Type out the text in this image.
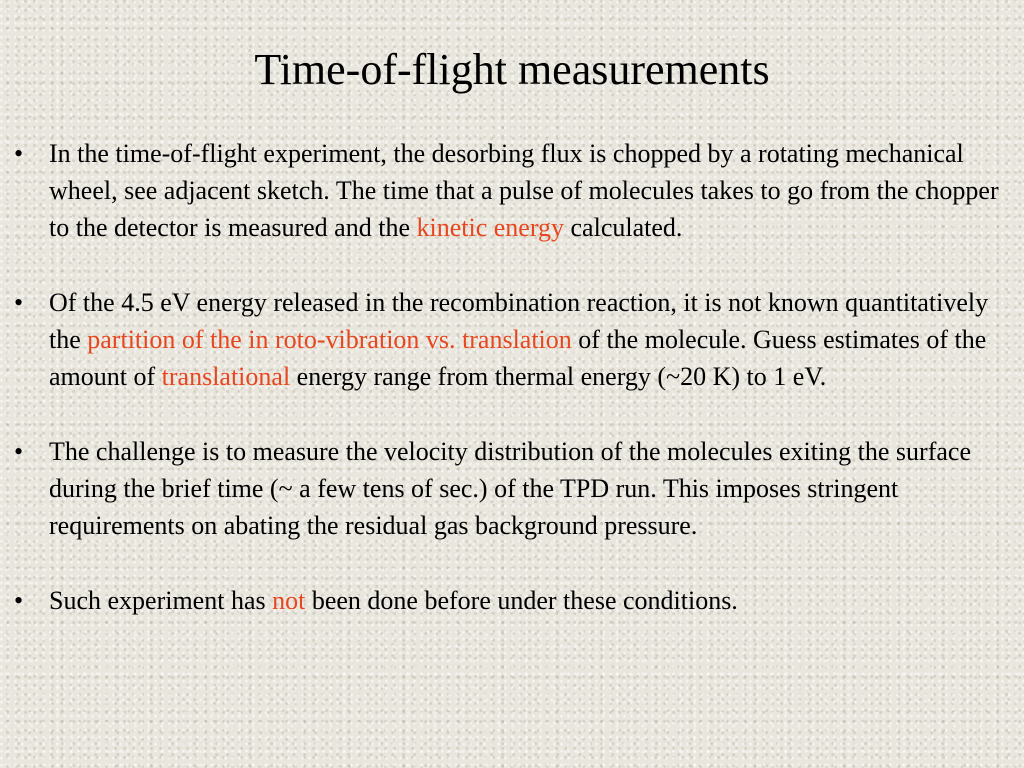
Time-of-flight measurements
• In the time-of-flight experiment, the desorbing flux is chopped by a rotating mechanical wheel, see adjacent sketch. The time that a pulse of molecules takes to go from the chopper to the detector is measured and the kinetic energy calculated.
• Of the 4.5 eV energy released in the recombination reaction, it is not known quantitatively the partition of the in roto-vibration vs. translation of the molecule. Guess estimates of the amount of translational energy range from thermal energy (~20 K) to 1 eV.
• The challenge is to measure the velocity distribution of the molecules exiting the surface during the brief time (~ a few tens of sec.) of the TPD run. This imposes stringent requirements on abating the residual gas background pressure.
• Such experiment has not been done before under these conditions.
